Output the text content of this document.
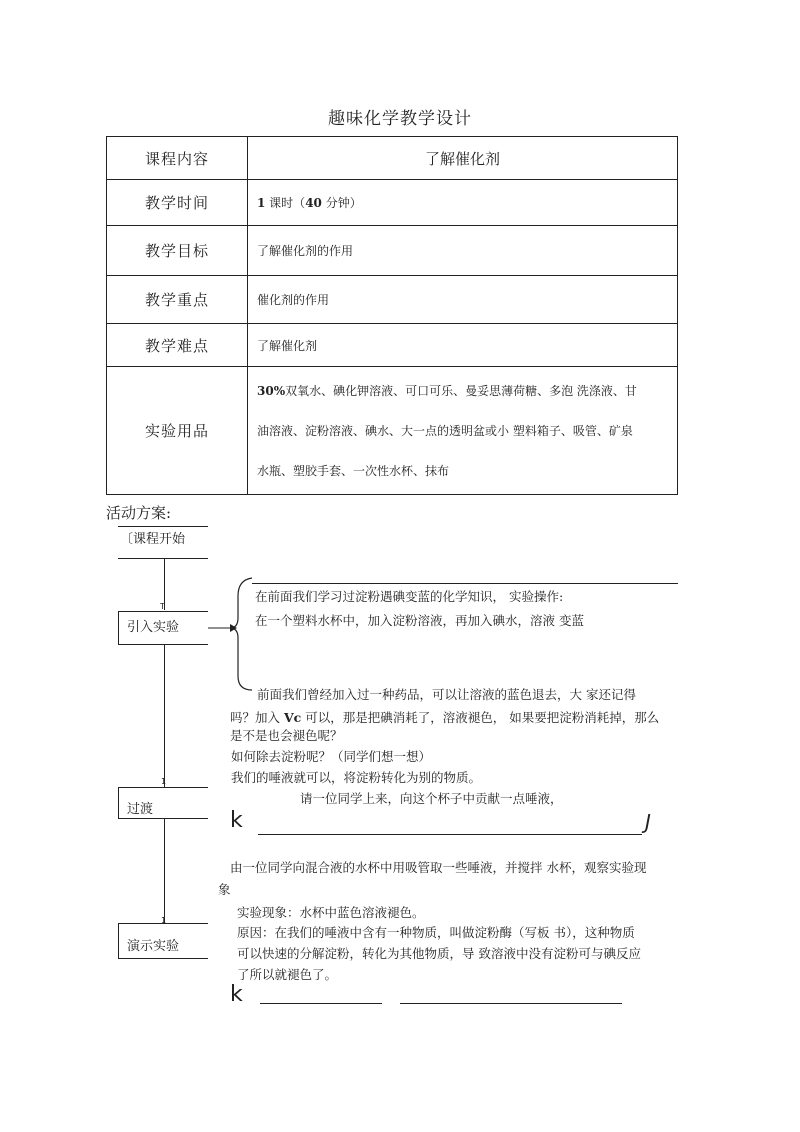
趣味化学教学设计
课程内容	了解催化剂
教学时间	1 课时（40 分钟）
教学目标	了解催化剂的作用
教学重点	催化剂的作用
教学难点	了解催化剂
实验用品	30%双氧水、碘化钾溶液、可口可乐、曼妥思薄荷糖、多泡 洗涤液、甘

油溶液、淀粉溶液、碘水、大一点的透明盆或小 塑料箱子、吸管、矿泉

水瓶、塑胶手套、一次性水杯、抹布

活动方案:
〔课程开始
Τ
引入实验
1
过渡
1
演示实验
在前面我们学习过淀粉遇碘变蓝的化学知识， 实验操作:
在一个塑料水杯中，加入淀粉溶液，再加入碘水，溶液 变蓝
前面我们曾经加入过一种药品，可以让溶液的蓝色退去，大 家还记得
吗？加入 Vc 可以，那是把碘消耗了，溶液褪色， 如果要把淀粉消耗掉，那么
是不是也会褪色呢？
如何除去淀粉呢？（同学们想一想）
我们的唾液就可以，将淀粉转化为别的物质。
请一位同学上来，向这个杯子中贡献一点唾液，
k	J
由一位同学向混合液的水杯中用吸管取一些唾液，并搅拌 水杯，观察实验现
象
实验现象：水杯中蓝色溶液褪色。
原因：在我们的唾液中含有一种物质，叫做淀粉酶（写板 书），这种物质
可以快速的分解淀粉，转化为其他物质，导 致溶液中没有淀粉可与碘反应
了所以就褪色了。
k
